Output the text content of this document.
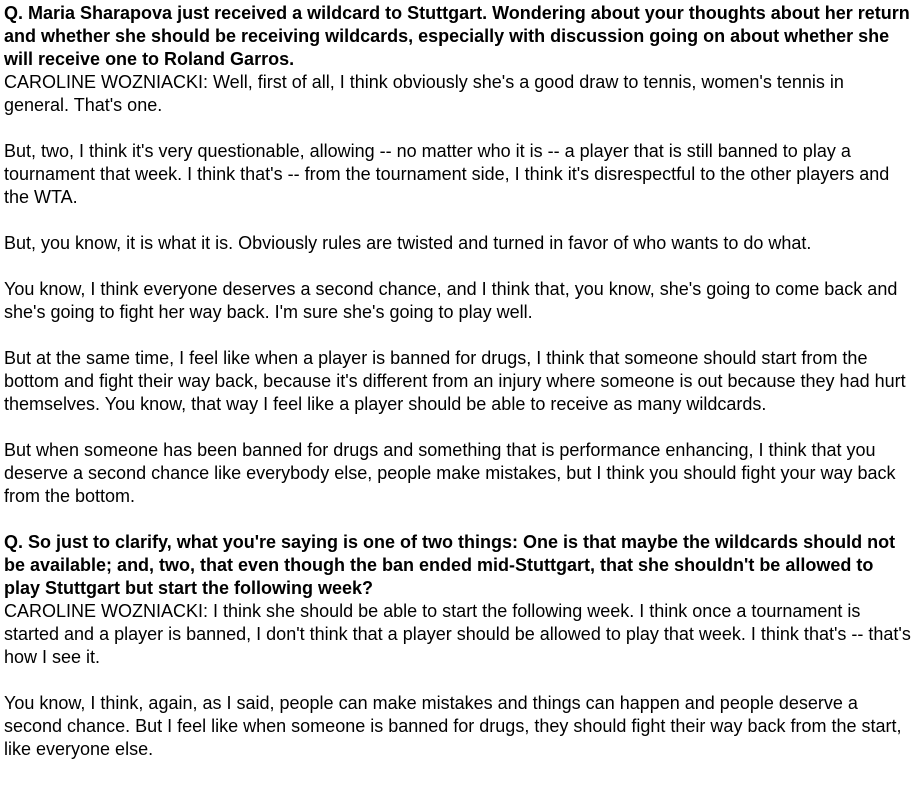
Q. Maria Sharapova just received a wildcard to Stuttgart. Wondering about your thoughts about her return and whether she should be receiving wildcards, especially with discussion going on about whether she will receive one to Roland Garros.

CAROLINE WOZNIACKI: Well, first of all, I think obviously she's a good draw to tennis, women's tennis in general. That's one.

But, two, I think it's very questionable, allowing -- no matter who it is -- a player that is still banned to play a tournament that week. I think that's -- from the tournament side, I think it's disrespectful to the other players and the WTA.

But, you know, it is what it is. Obviously rules are twisted and turned in favor of who wants to do what.

You know, I think everyone deserves a second chance, and I think that, you know, she's going to come back and she's going to fight her way back. I'm sure she's going to play well.

But at the same time, I feel like when a player is banned for drugs, I think that someone should start from the bottom and fight their way back, because it's different from an injury where someone is out because they had hurt themselves. You know, that way I feel like a player should be able to receive as many wildcards.

But when someone has been banned for drugs and something that is performance enhancing, I think that you deserve a second chance like everybody else, people make mistakes, but I think you should fight your way back from the bottom.

Q. So just to clarify, what you're saying is one of two things: One is that maybe the wildcards should not be available; and, two, that even though the ban ended mid-Stuttgart, that she shouldn't be allowed to play Stuttgart but start the following week?

CAROLINE WOZNIACKI: I think she should be able to start the following week. I think once a tournament is started and a player is banned, I don't think that a player should be allowed to play that week. I think that's -- that's how I see it.

You know, I think, again, as I said, people can make mistakes and things can happen and people deserve a second chance. But I feel like when someone is banned for drugs, they should fight their way back from the start, like everyone else.
